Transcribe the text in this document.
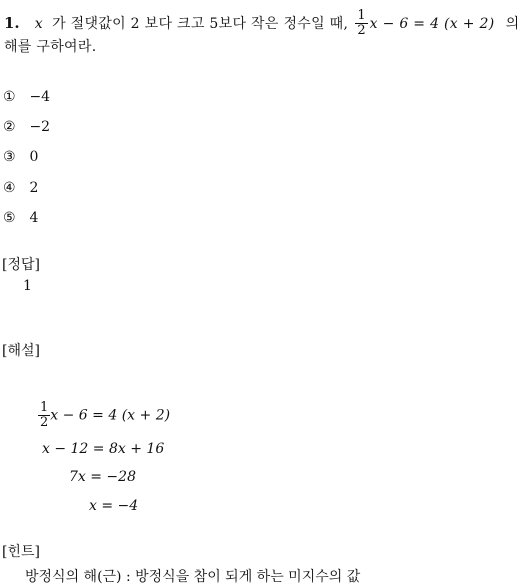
1. x 가 절댓값이 2 보다 크고 5보다 작은 정수일 때, $\frac{1}{2}$ x − 6 = 4 (x + 2) 의
해를 구하여라.
① −4
② −2
③ 0
④ 2
⑤ 4
[정답]
1
[해설]
$\frac{1}{2}$ x − 6 = 4 (x + 2)
x − 12 = 8x + 16
7x = −28
x = −4
[힌트]
방정식의 해(근) : 방정식을 참이 되게 하는 미지수의 값
